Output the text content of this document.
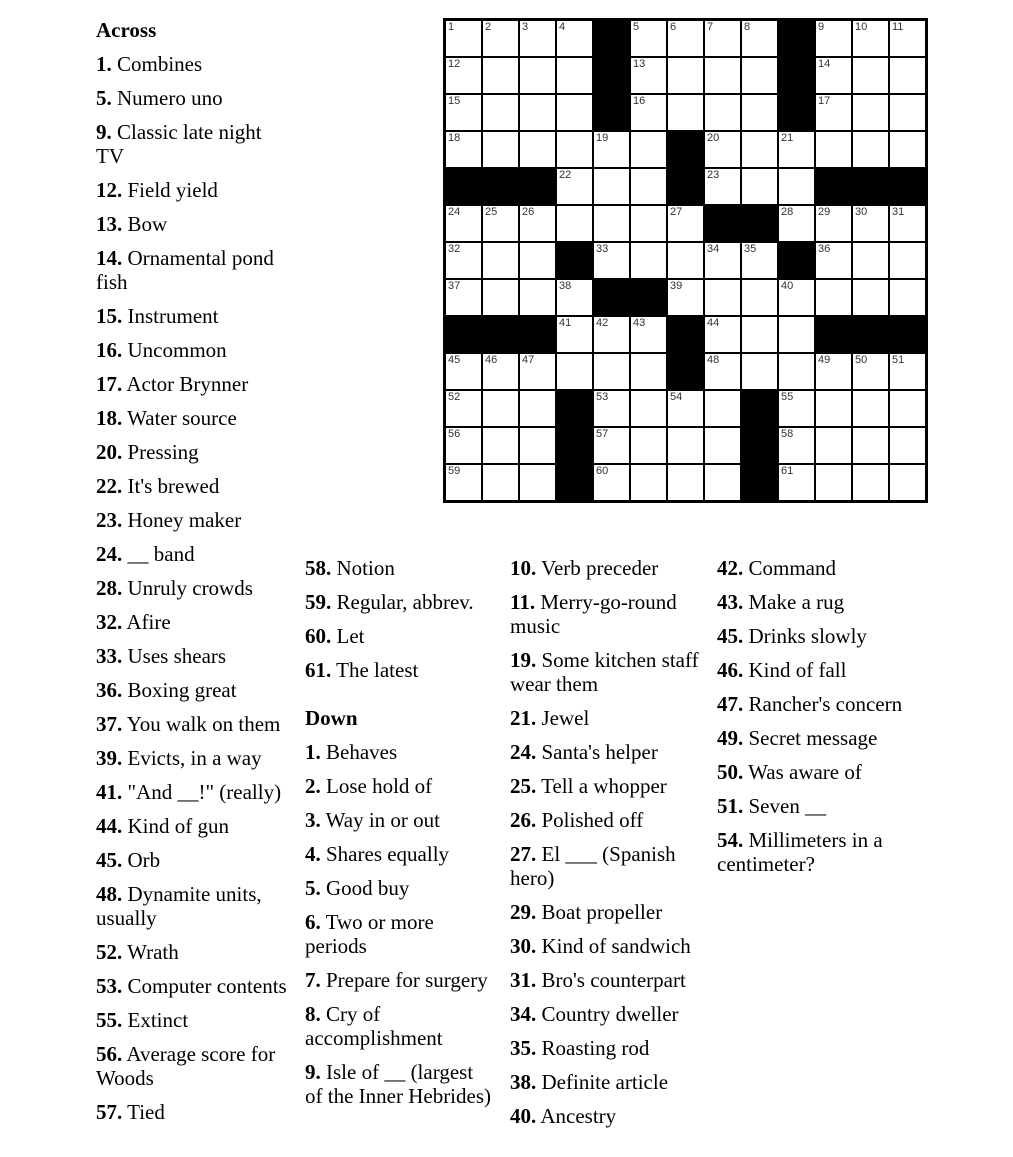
1	2	3	4	5	6	7	8	9	10 11
12	13	14
15	16	17
18	19	20	21
22	23
24 25 26	27	28 29 30 31
32	33	34 35	36
37	38	39	40
41 42 43	44
45 46 47	48	49 50 51
52	53	54	55
56	57	58
59	60	61

Across

1. Combines

5. Numero uno

9. Classic late night TV

12. Field yield

13. Bow

14. Ornamental pond fish

15. Instrument

16. Uncommon

17. Actor Brynner

18. Water source

20. Pressing

22. It's brewed

23. Honey maker

24. __ band

28. Unruly crowds

32. Afire

33. Uses shears

36. Boxing great

37. You walk on them

39. Evicts, in a way

41. "And __!" (really)

44. Kind of gun

45. Orb

48. Dynamite units, usually

52. Wrath

53. Computer contents

55. Extinct

56. Average score for Woods

57. Tied

58. Notion

59. Regular, abbrev.

60. Let

61. The latest

Down

1. Behaves

2. Lose hold of

3. Way in or out

4. Shares equally

5. Good buy

6. Two or more periods

7. Prepare for surgery

8. Cry of accomplishment

9. Isle of __ (largest of the Inner Hebrides)

10. Verb preceder

11. Merry-go-round music

19. Some kitchen staff wear them

21. Jewel

24. Santa's helper

25. Tell a whopper

26. Polished off

27. El ___ (Spanish hero)

29. Boat propeller

30. Kind of sandwich

31. Bro's counterpart

34. Country dweller

35. Roasting rod

38. Definite article

40. Ancestry

42. Command

43. Make a rug

45. Drinks slowly

46. Kind of fall

47. Rancher's concern

49. Secret message

50. Was aware of

51. Seven __

54. Millimeters in a centimeter?
